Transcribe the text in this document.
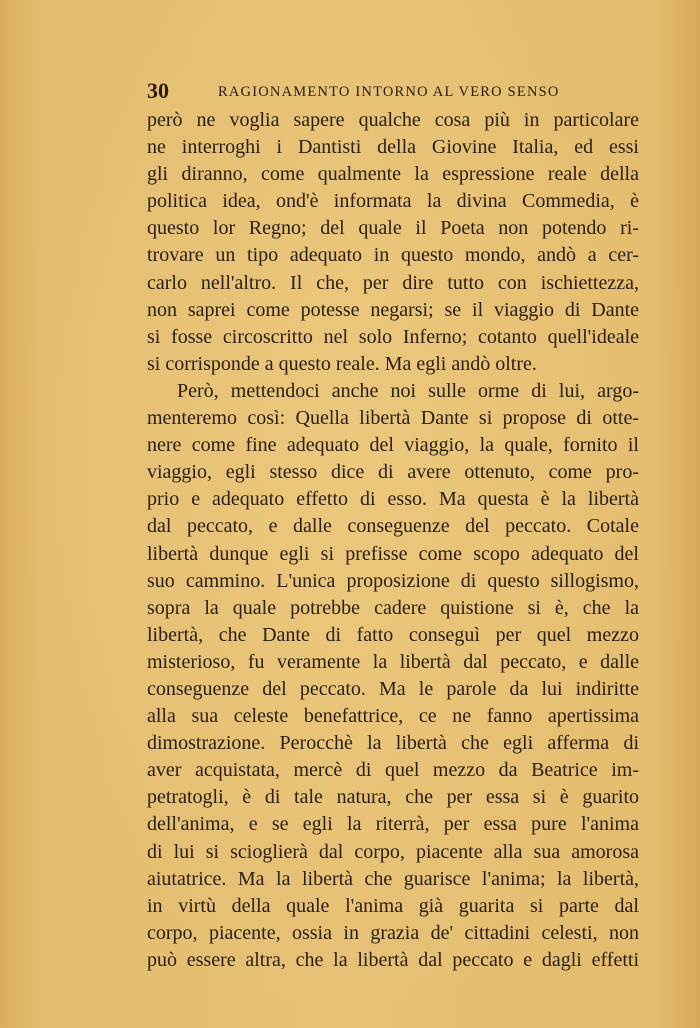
30	RAGIONAMENTO INTORNO AL VERO SENSO
però ne voglia sapere qualche cosa più in particolare
ne interroghi i Dantisti della Giovine Italia, ed essi
gli diranno, come qualmente la espressione reale della
politica idea, ond'è informata la divina Commedia, è
questo lor Regno; del quale il Poeta non potendo ri-
trovare un tipo adequato in questo mondo, andò a cer-
carlo nell'altro. Il che, per dire tutto con ischiettezza,
non saprei come potesse negarsi; se il viaggio di Dante
si fosse circoscritto nel solo Inferno; cotanto quell'ideale
si corrisponde a questo reale. Ma egli andò oltre.
Però, mettendoci anche noi sulle orme di lui, argo-
menteremo così: Quella libertà Dante si propose di otte-
nere come fine adequato del viaggio, la quale, fornito il
viaggio, egli stesso dice di avere ottenuto, come pro-
prio e adequato effetto di esso. Ma questa è la libertà
dal peccato, e dalle conseguenze del peccato. Cotale
libertà dunque egli si prefisse come scopo adequato del
suo cammino. L'unica proposizione di questo sillogismo,
sopra la quale potrebbe cadere quistione si è, che la
libertà, che Dante di fatto conseguì per quel mezzo
misterioso, fu veramente la libertà dal peccato, e dalle
conseguenze del peccato. Ma le parole da lui indiritte
alla sua celeste benefattrice, ce ne fanno apertissima
dimostrazione. Perocchè la libertà che egli afferma di
aver acquistata, mercè di quel mezzo da Beatrice im-
petratogli, è di tale natura, che per essa si è guarito
dell'anima, e se egli la riterrà, per essa pure l'anima
di lui si scioglierà dal corpo, piacente alla sua amorosa
aiutatrice. Ma la libertà che guarisce l'anima; la libertà,
in virtù della quale l'anima già guarita si parte dal
corpo, piacente, ossia in grazia de' cittadini celesti, non
può essere altra, che la libertà dal peccato e dagli effetti
